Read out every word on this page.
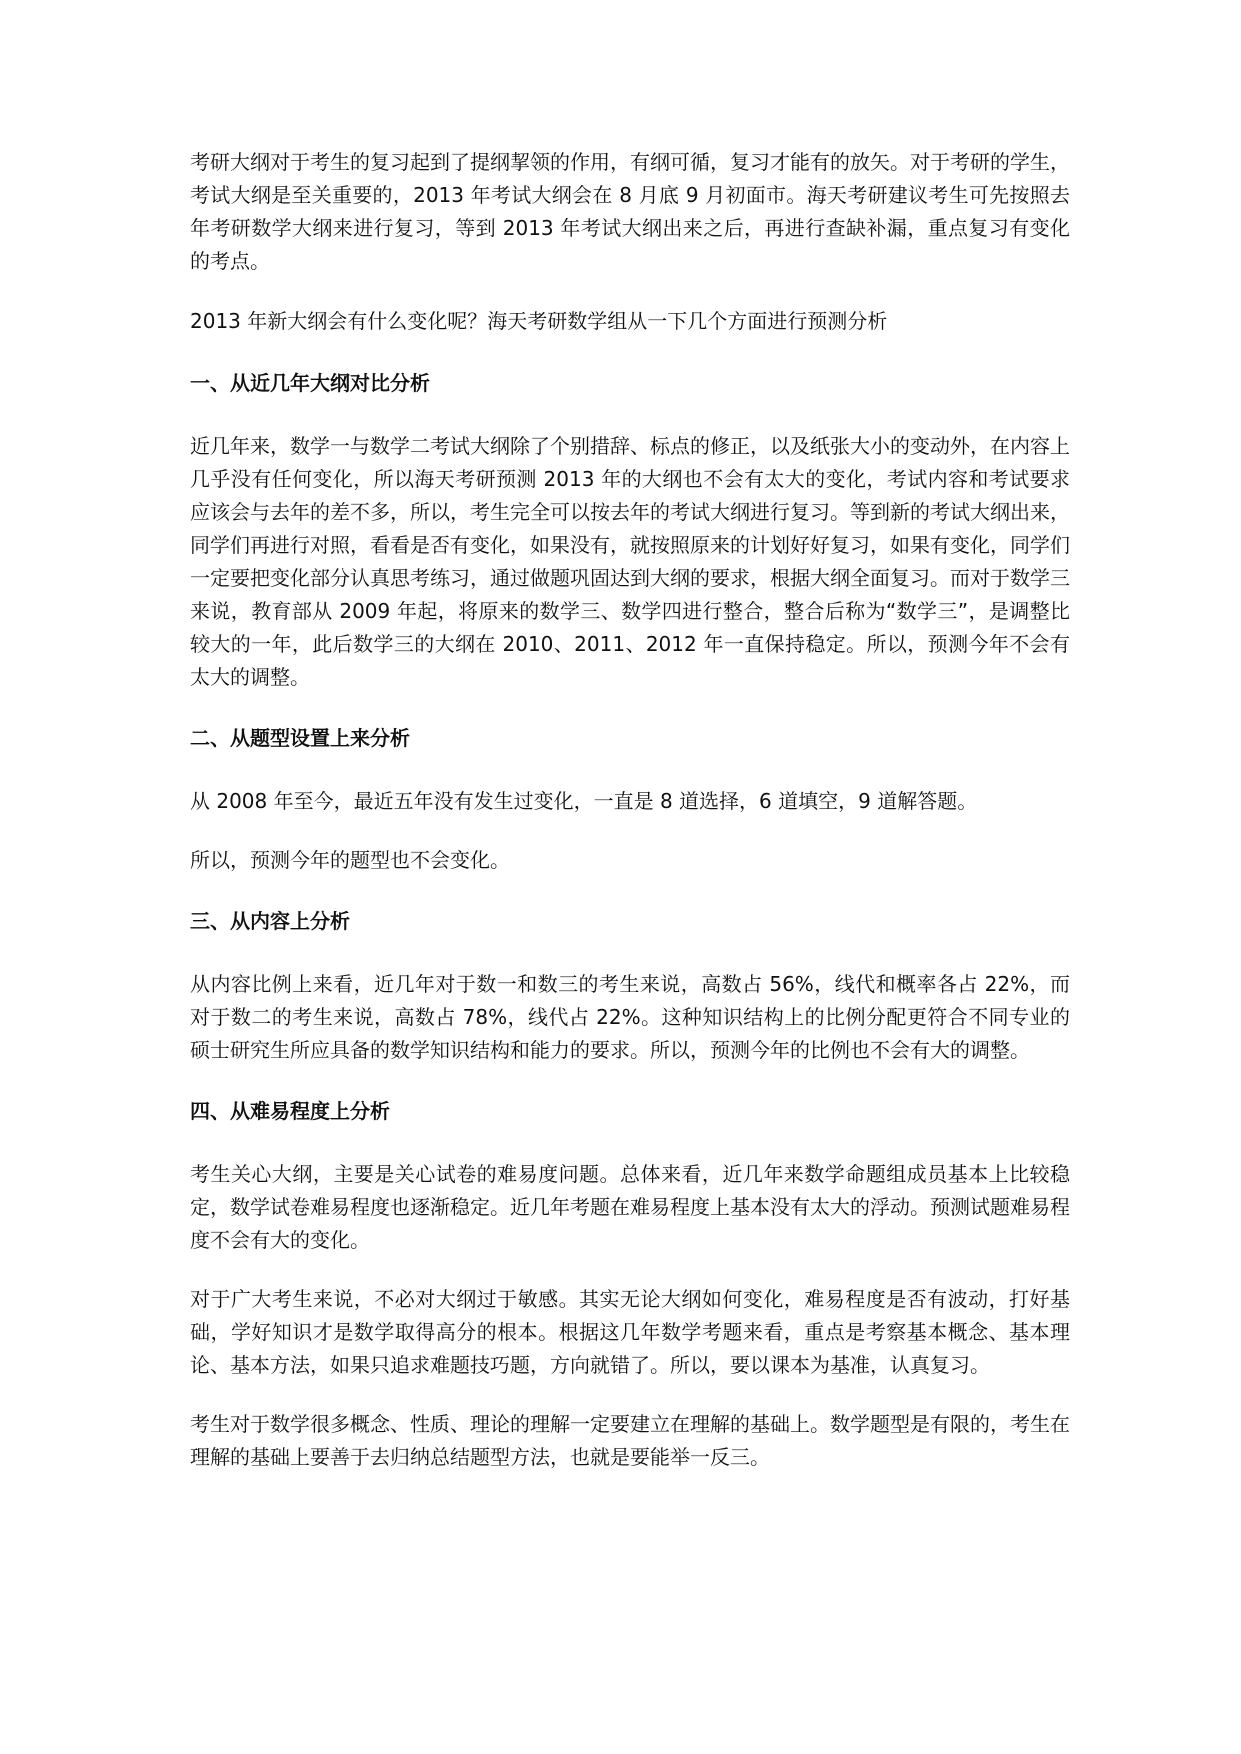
考研大纲对于考生的复习起到了提纲挈领的作用，有纲可循，复习才能有的放矢。对于考研的学生，考试大纲是至关重要的，2013 年考试大纲会在 8 月底 9 月初面市。海天考研建议考生可先按照去年考研数学大纲来进行复习，等到 2013 年考试大纲出来之后，再进行查缺补漏，重点复习有变化的考点。

2013 年新大纲会有什么变化呢？海天考研数学组从一下几个方面进行预测分析

一、从近几年大纲对比分析

近几年来，数学一与数学二考试大纲除了个别措辞、标点的修正，以及纸张大小的变动外，在内容上几乎没有任何变化，所以海天考研预测 2013 年的大纲也不会有太大的变化，考试内容和考试要求应该会与去年的差不多，所以，考生完全可以按去年的考试大纲进行复习。等到新的考试大纲出来，同学们再进行对照，看看是否有变化，如果没有，就按照原来的计划好好复习，如果有变化，同学们一定要把变化部分认真思考练习，通过做题巩固达到大纲的要求，根据大纲全面复习。而对于数学三来说，教育部从 2009 年起，将原来的数学三、数学四进行整合，整合后称为“数学三”，是调整比较大的一年，此后数学三的大纲在 2010、2011、2012 年一直保持稳定。所以，预测今年不会有太大的调整。

二、从题型设置上来分析

从 2008 年至今，最近五年没有发生过变化，一直是 8 道选择，6 道填空，9 道解答题。

所以，预测今年的题型也不会变化。

三、从内容上分析

从内容比例上来看，近几年对于数一和数三的考生来说，高数占 56%，线代和概率各占 22%，而对于数二的考生来说，高数占 78%，线代占 22%。这种知识结构上的比例分配更符合不同专业的硕士研究生所应具备的数学知识结构和能力的要求。所以，预测今年的比例也不会有大的调整。

四、从难易程度上分析

考生关心大纲，主要是关心试卷的难易度问题。总体来看，近几年来数学命题组成员基本上比较稳定，数学试卷难易程度也逐渐稳定。近几年考题在难易程度上基本没有太大的浮动。预测试题难易程度不会有大的变化。

对于广大考生来说，不必对大纲过于敏感。其实无论大纲如何变化，难易程度是否有波动，打好基础，学好知识才是数学取得高分的根本。根据这几年数学考题来看，重点是考察基本概念、基本理论、基本方法，如果只追求难题技巧题，方向就错了。所以，要以课本为基准，认真复习。

考生对于数学很多概念、性质、理论的理解一定要建立在理解的基础上。数学题型是有限的，考生在理解的基础上要善于去归纳总结题型方法，也就是要能举一反三。
